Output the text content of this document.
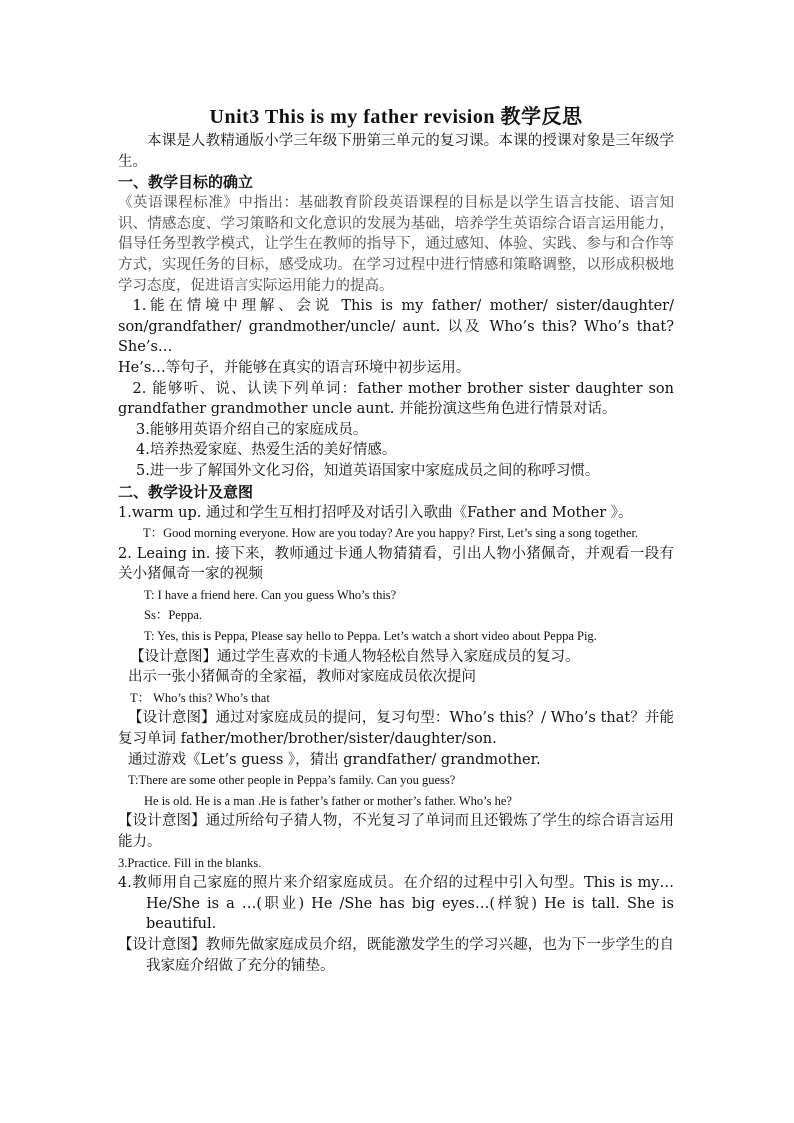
Unit3 This is my father revision 教学反思

本课是人教精通版小学三年级下册第三单元的复习课。本课的授课对象是三年级学生。

一、教学目标的确立

《英语课程标准》中指出：基础教育阶段英语课程的目标是以学生语言技能、语言知识、情感态度、学习策略和文化意识的发展为基础，培养学生英语综合语言运用能力，倡导任务型教学模式，让学生在教师的指导下，通过感知、体验、实践、参与和合作等方式，实现任务的目标，感受成功。在学习过程中进行情感和策略调整，以形成积极地学习态度，促进语言实际运用能力的提高。

1.能在情境中理解、会说 This is my father/ mother/ sister/daughter/ son/grandfather/ grandmother/uncle/ aunt. 以及 Who’s this? Who’s that? She’s…

He’s…等句子，并能够在真实的语言环境中初步运用。

2. 能够听、说、认读下列单词：father mother brother sister daughter son

grandfather grandmother uncle aunt. 并能扮演这些角色进行情景对话。

3.能够用英语介绍自己的家庭成员。

4.培养热爱家庭、热爱生活的美好情感。

5.进一步了解国外文化习俗，知道英语国家中家庭成员之间的称呼习惯。

二、教学设计及意图

1.warm up. 通过和学生互相打招呼及对话引入歌曲《Father and Mother 》。

T：Good morning everyone. How are you today? Are you happy? First, Let’s sing a song together.

2. Leaing in. 接下来，教师通过卡通人物猜猜看，引出人物小猪佩奇，并观看一段有关小猪佩奇一家的视频

T: I have a friend here. Can you guess Who’s this?

Ss：Peppa.

T: Yes, this is Peppa, Please say hello to Peppa. Let’s watch a short video about Peppa Pig.

【设计意图】通过学生喜欢的卡通人物轻松自然导入家庭成员的复习。

出示一张小猪佩奇的全家福，教师对家庭成员依次提问

T： Who’s this? Who’s that

【设计意图】通过对家庭成员的提问，复习句型：Who’s this？/ Who’s that？并能复习单词 father/mother/brother/sister/daughter/son.

通过游戏《Let’s guess 》，猜出 grandfather/ grandmother.

T:There are some other people in Peppa’s family. Can you guess?

He is old. He is a man .He is father’s father or mother’s father. Who’s he?

【设计意图】通过所给句子猜人物，不光复习了单词而且还锻炼了学生的综合语言运用能力。

3.Practice. Fill in the blanks.

4.教师用自己家庭的照片来介绍家庭成员。在介绍的过程中引入句型。This is my… He/She is a …(职业) He /She has big eyes…(样貌) He is tall. She is beautiful.

【设计意图】教师先做家庭成员介绍，既能激发学生的学习兴趣，也为下一步学生的自我家庭介绍做了充分的铺垫。
